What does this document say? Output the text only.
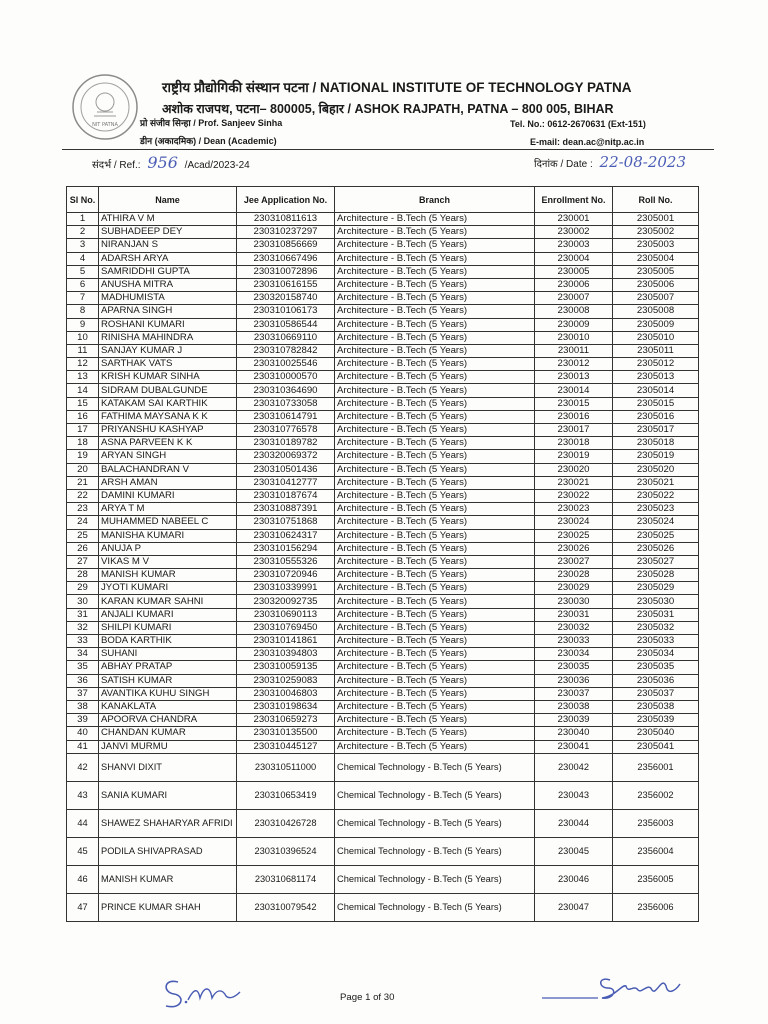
NIT PATNA
राष्ट्रीय प्रौद्योगिकी संस्थान पटना / NATIONAL INSTITUTE OF TECHNOLOGY PATNA
अशोक राजपथ, पटना– 800005, बिहार / ASHOK RAJPATH, PATNA – 800 005, BIHAR
प्रो संजीव सिन्हा / Prof. Sanjeev Sinha
डीन (अकादमिक) / Dean (Academic)
Tel. No.: 0612-2670631 (Ext-151)
E-mail: dean.ac@nitp.ac.in
संदर्भ / Ref.: 956 /Acad/2023-24	दिनांक / Date : 22-08-2023
Sl No.	Name	Jee Application No.	Branch	Enrollment No.	Roll No.
1	ATHIRA V M	230310811613	Architecture - B.Tech (5 Years)	230001	2305001
2	SUBHADEEP DEY	230310237297	Architecture - B.Tech (5 Years)	230002	2305002
3	NIRANJAN S	230310856669	Architecture - B.Tech (5 Years)	230003	2305003
4	ADARSH ARYA	230310667496	Architecture - B.Tech (5 Years)	230004	2305004
5	SAMRIDDHI GUPTA	230310072896	Architecture - B.Tech (5 Years)	230005	2305005
6	ANUSHA MITRA	230310616155	Architecture - B.Tech (5 Years)	230006	2305006
7	MADHUMISTA	230320158740	Architecture - B.Tech (5 Years)	230007	2305007
8	APARNA SINGH	230310106173	Architecture - B.Tech (5 Years)	230008	2305008
9	ROSHANI KUMARI	230310586544	Architecture - B.Tech (5 Years)	230009	2305009
10	RINISHA MAHINDRA	230310669110	Architecture - B.Tech (5 Years)	230010	2305010
11	SANJAY KUMAR J	230310782842	Architecture - B.Tech (5 Years)	230011	2305011
12	SARTHAK VATS	230310025546	Architecture - B.Tech (5 Years)	230012	2305012
13	KRISH KUMAR SINHA	230310000570	Architecture - B.Tech (5 Years)	230013	2305013
14	SIDRAM DUBALGUNDE	230310364690	Architecture - B.Tech (5 Years)	230014	2305014
15	KATAKAM SAI KARTHIK	230310733058	Architecture - B.Tech (5 Years)	230015	2305015
16	FATHIMA MAYSANA K K	230310614791	Architecture - B.Tech (5 Years)	230016	2305016
17	PRIYANSHU KASHYAP	230310776578	Architecture - B.Tech (5 Years)	230017	2305017
18	ASNA PARVEEN K K	230310189782	Architecture - B.Tech (5 Years)	230018	2305018
19	ARYAN SINGH	230320069372	Architecture - B.Tech (5 Years)	230019	2305019
20	BALACHANDRAN V	230310501436	Architecture - B.Tech (5 Years)	230020	2305020
21	ARSH AMAN	230310412777	Architecture - B.Tech (5 Years)	230021	2305021
22	DAMINI KUMARI	230310187674	Architecture - B.Tech (5 Years)	230022	2305022
23	ARYA T M	230310887391	Architecture - B.Tech (5 Years)	230023	2305023
24	MUHAMMED NABEEL C	230310751868	Architecture - B.Tech (5 Years)	230024	2305024
25	MANISHA KUMARI	230310624317	Architecture - B.Tech (5 Years)	230025	2305025
26	ANUJA P	230310156294	Architecture - B.Tech (5 Years)	230026	2305026
27	VIKAS M V	230310555326	Architecture - B.Tech (5 Years)	230027	2305027
28	MANISH KUMAR	230310720946	Architecture - B.Tech (5 Years)	230028	2305028
29	JYOTI KUMARI	230310339991	Architecture - B.Tech (5 Years)	230029	2305029
30	KARAN KUMAR SAHNI	230320092735	Architecture - B.Tech (5 Years)	230030	2305030
31	ANJALI KUMARI	230310690113	Architecture - B.Tech (5 Years)	230031	2305031
32	SHILPI KUMARI	230310769450	Architecture - B.Tech (5 Years)	230032	2305032
33	BODA KARTHIK	230310141861	Architecture - B.Tech (5 Years)	230033	2305033
34	SUHANI	230310394803	Architecture - B.Tech (5 Years)	230034	2305034
35	ABHAY PRATAP	230310059135	Architecture - B.Tech (5 Years)	230035	2305035
36	SATISH KUMAR	230310259083	Architecture - B.Tech (5 Years)	230036	2305036
37	AVANTIKA KUHU SINGH	230310046803	Architecture - B.Tech (5 Years)	230037	2305037
38	KANAKLATA	230310198634	Architecture - B.Tech (5 Years)	230038	2305038
39	APOORVA CHANDRA	230310659273	Architecture - B.Tech (5 Years)	230039	2305039
40	CHANDAN KUMAR	230310135500	Architecture - B.Tech (5 Years)	230040	2305040
41	JANVI MURMU	230310445127	Architecture - B.Tech (5 Years)	230041	2305041
42	SHANVI DIXIT	230310511000	Chemical Technology - B.Tech (5 Years)	230042	2356001
43	SANIA KUMARI	230310653419	Chemical Technology - B.Tech (5 Years)	230043	2356002
44	SHAWEZ SHAHARYAR AFRIDI	230310426728	Chemical Technology - B.Tech (5 Years)	230044	2356003
45	PODILA SHIVAPRASAD	230310396524	Chemical Technology - B.Tech (5 Years)	230045	2356004
46	MANISH KUMAR	230310681174	Chemical Technology - B.Tech (5 Years)	230046	2356005
47	PRINCE KUMAR SHAH	230310079542	Chemical Technology - B.Tech (5 Years)	230047	2356006
Page 1 of 30
